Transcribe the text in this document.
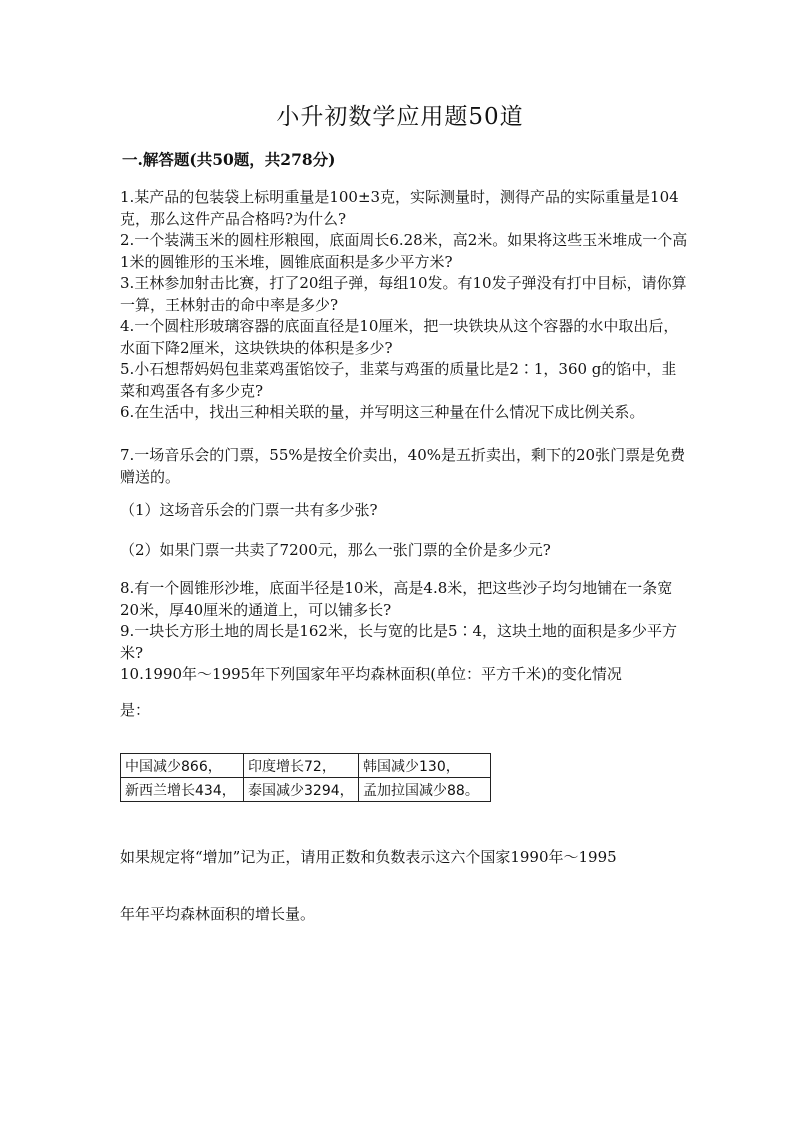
小升初数学应用题50道
一.解答题(共50题，共278分)
1.某产品的包装袋上标明重量是100±3克，实际测量时，测得产品的实际重量是104克，那么这件产品合格吗?为什么?
2.一个装满玉米的圆柱形粮囤，底面周长6.28米，高2米。如果将这些玉米堆成一个高1米的圆锥形的玉米堆，圆锥底面积是多少平方米?
3.王林参加射击比赛，打了20组子弹，每组10发。有10发子弹没有打中目标，请你算一算，王林射击的命中率是多少?
4.一个圆柱形玻璃容器的底面直径是10厘米，把一块铁块从这个容器的水中取出后，水面下降2厘米，这块铁块的体积是多少?
5.小石想帮妈妈包韭菜鸡蛋馅饺子，韭菜与鸡蛋的质量比是2∶1，360 g的馅中，韭菜和鸡蛋各有多少克?
6.在生活中，找出三种相关联的量，并写明这三种量在什么情况下成比例关系。
7.一场音乐会的门票，55%是按全价卖出，40%是五折卖出，剩下的20张门票是免费赠送的。
（1）这场音乐会的门票一共有多少张?
（2）如果门票一共卖了7200元，那么一张门票的全价是多少元?
8.有一个圆锥形沙堆，底面半径是10米，高是4.8米，把这些沙子均匀地铺在一条宽20米，厚40厘米的通道上，可以铺多长?
9.一块长方形土地的周长是162米，长与宽的比是5∶4，这块土地的面积是多少平方米?
10.1990年～1995年下列国家年平均森林面积(单位：平方千米)的变化情况
是：
中国减少866，	印度增长72，	韩国减少130，
新西兰增长434，	泰国减少3294，	孟加拉国减少88。
如果规定将“增加”记为正，请用正数和负数表示这六个国家1990年～1995
年年平均森林面积的增长量。
